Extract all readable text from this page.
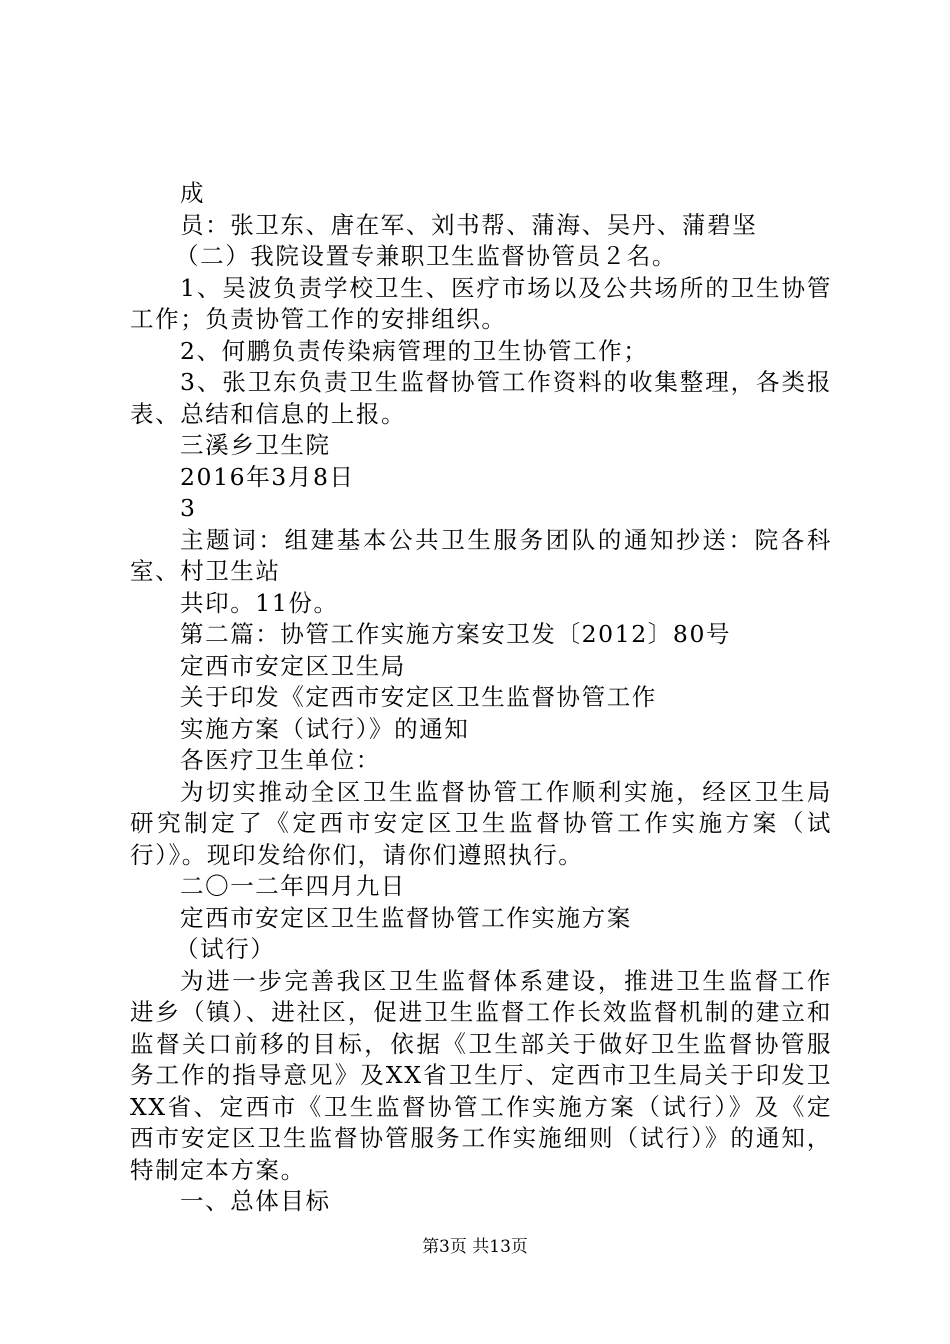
成

员：张卫东、唐在军、刘书帮、蒲海、吴丹、蒲碧坚

（二）我院设置专兼职卫生监督协管员２名。

1、吴波负责学校卫生、医疗市场以及公共场所的卫生协管工作；负责协管工作的安排组织。

2、何鹏负责传染病管理的卫生协管工作；

3、张卫东负责卫生监督协管工作资料的收集整理，各类报表、总结和信息的上报。

三溪乡卫生院

2016年3月8日

3

主题词：组建基本公共卫生服务团队的通知抄送：院各科室、村卫生站

共印。11份。

第二篇：协管工作实施方案安卫发〔2012〕80号

定西市安定区卫生局

关于印发《定西市安定区卫生监督协管工作

实施方案（试行）》的通知

各医疗卫生单位：

为切实推动全区卫生监督协管工作顺利实施，经区卫生局研究制定了《定西市安定区卫生监督协管工作实施方案（试行）》。现印发给你们，请你们遵照执行。

二〇一二年四月九日

定西市安定区卫生监督协管工作实施方案

（试行）

为进一步完善我区卫生监督体系建设，推进卫生监督工作进乡（镇）、进社区，促进卫生监督工作长效监督机制的建立和监督关口前移的目标，依据《卫生部关于做好卫生监督协管服务工作的指导意见》及XX省卫生厅、定西市卫生局关于印发卫XX省、定西市《卫生监督协管工作实施方案（试行）》及《定西市安定区卫生监督协管服务工作实施细则（试行）》的通知，特制定本方案。

一、总体目标

第3页 共13页
